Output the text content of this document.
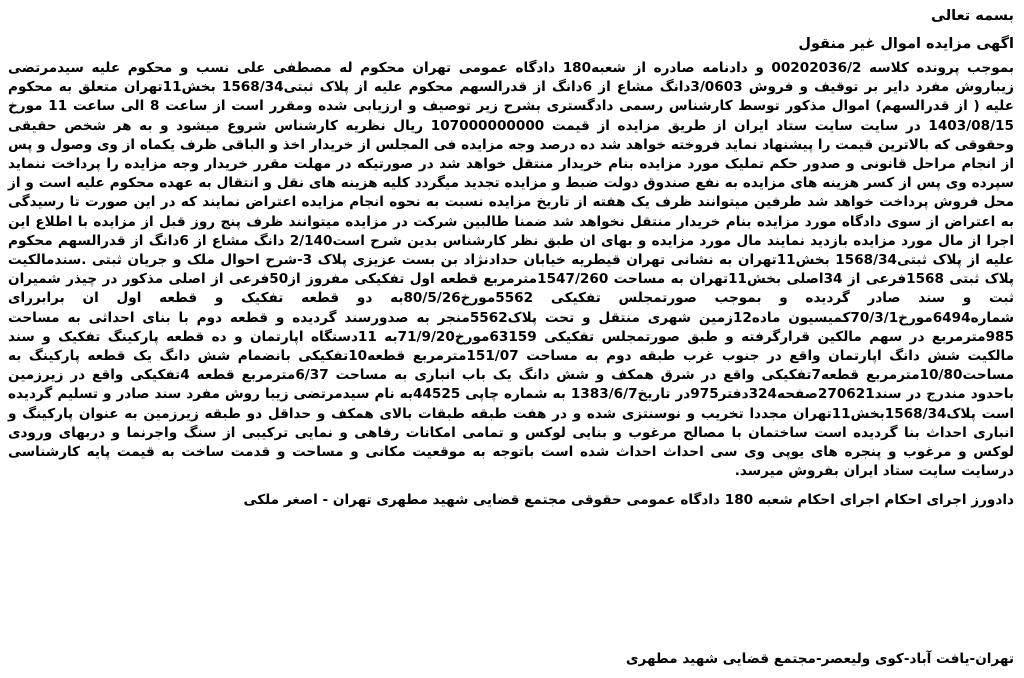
بسمه تعالی
اگهی مزایده اموال غیر منقول

بموجب پرونده کلاسه 00202036/2 و دادنامه صادره از شعبه180 دادگاه عمومی تهران محکوم له مصطفی علی نسب و محکوم علیه سیدمرتضی زیباروش مفرد دایر بر توقیف و فروش 3/0603دانگ مشاع از 6دانگ از قدرالسهم محکوم علیه از پلاک ثبتی1568/34 بخش11تهران متعلق به محکوم علیه ( از قدرالسهم) اموال مذکور توسط کارشناس رسمی دادگستری بشرح زیر توصیف و ارزیابی شده ومقرر است از ساعت 8 الی ساعت 11 مورخ 1403/08/15 در سایت سایت ستاد ایران از طریق مزایده از قیمت 107000000000 ریال نظریه کارشناس شروع میشود و به هر شخص حقیقی وحقوقی که بالاترین قیمت را پیشنهاد نماید فروخته خواهد شد ده درصد وجه مزایده فی المجلس از خریدار اخذ و الباقی ظرف یکماه از وی وصول و پس از انجام مراحل قانونی و صدور حکم تملیک مورد مزایده بنام خریدار منتقل خواهد شد در صورتیکه در مهلت مقرر خریدار وجه مزایده را پرداخت ننماید سپرده وی پس از کسر هزینه های مزایده به نفع صندوق دولت ضبط و مزایده تجدید میگردد کلیه هزینه های نقل و انتقال به عهده محکوم علیه است و از محل فروش پرداخت خواهد شد طرفین میتوانند ظرف یک هفته از تاریخ مزایده نسبت به نحوه انجام مزایده اعتراض نمایند که در این صورت تا رسیدگی به اعتراض از سوی دادگاه مورد مزایده بنام خریدار منتقل نخواهد شد ضمنا طالبین شرکت در مزایده میتوانند ظرف پنج روز قبل از مزایده با اطلاع این اجرا از مال مورد مزایده بازدید نمایند مال مورد مزایده و بهای ان طبق نظر کارشناس بدین شرح است2/140 دانگ مشاع از 6دانگ از قدرالسهم محکوم علیه از پلاک ثبتی1568/34 بخش11تهران به نشانی تهران قیطریه خیابان حدادنژاد بن بست عزیزی پلاک 3-شرح احوال ملک و جریان ثبتی .سندمالکیت پلاک ثبتی 1568فرعی از 34اصلی بخش11تهران به مساحت 1547/260مترمربع قطعه اول تفکیکی مفروز از50فرعی از اصلی مذکور در چیذر شمیران ثبت و سند صادر گردیده و بموجب صورتمجلس تفکیکی 5562مورخ80/5/26به دو قطعه تفکیک و قطعه اول ان برابررای شماره6494مورخ70/3/1کمیسیون ماده12زمین شهری منتقل و تحت پلاک5562منجر به صدورسند گردیده و قطعه دوم با بنای احداثی به مساحت 985مترمربع در سهم مالکین قرارگرفته و طبق صورتمجلس تفکیکی 63159مورخ71/9/20به 11دستگاه اپارتمان و ده قطعه پارکینگ تفکیک و سند مالکیت شش دانگ اپارتمان واقع در جنوب غرب طبقه دوم به مساحت 151/07مترمربع قطعه10تفکیکی بانضمام شش دانگ یک قطعه پارکینگ به مساحت10/80مترمربع قطعه7تفکیکی واقع در شرق همکف و شش دانگ یک باب انباری به مساحت 6/37مترمربع قطعه 4تفکیکی واقع در زیرزمین باحدود مندرج در سند270621صفحه324دفتر975در تاریخ1383/6/7 به شماره چاپی 44525به نام سیدمرتضی زیبا روش مفرد سند صادر و تسلیم گردیده است پلاک1568/34بخش11تهران مجددا تخریب و نوسنتزی شده و در هفت طبقه طبقات بالای همکف و حداقل دو طبقه زیرزمین به عنوان پارکینگ و انباری احداث بنا گردیده است ساختمان با مصالح مرغوب و بنایی لوکس و تمامی امکانات رفاهی و نمایی ترکیبی از سنگ واجرنما و دربهای ورودی لوکس و مرغوب و پنجره های یوپی وی سی احداث احداث شده است باتوجه به موقعیت مکانی و مساحت و قدمت ساخت به قیمت پایه کارشناسی درسایت سایت ستاد ایران بفروش میرسد.

دادورز اجرای احکام اجرای احکام شعبه 180 دادگاه عمومی حقوقی مجتمع قضایی شهید مطهری تهران - اصغر ملکی
تهران-یافت آباد-کوی ولیعصر-مجتمع قضایی شهید مطهری
